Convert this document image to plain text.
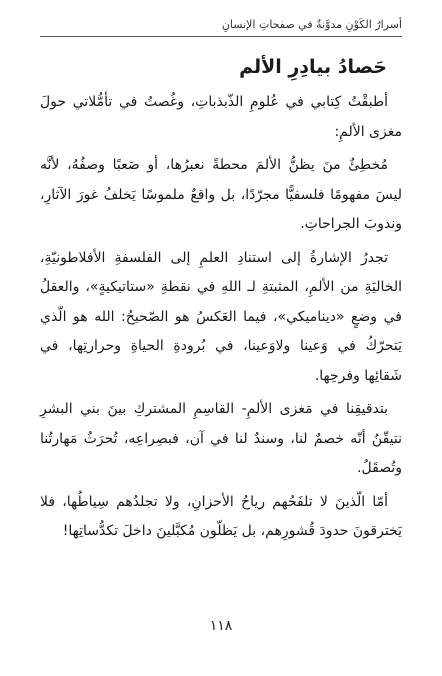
أسرارُ الكَوْنِ مدوَّنةٌ في صفحاتِ الإنسانِ
حَصادُ بيادِرِ الألم

أطبقْتُ كِتابي في عُلومِ الذّبذباتِ، وغُصتُ في تأمُّلاتي حولَ مغزى الألمِ:

مُخطِئٌ منَ يظنُّ الألمَ محطةً نعبرُها، أو صَعبًا وصفُهُ، لأنَّه ليسَ مفهومًا فلسفيًّا مجرّدًا، بل واقعٌ ملموسًا يَخلفُ غورَ الآثارِ، وندوبَ الجراحاتِ.

تجدرُ الإشارةُ إلى استنادِ العلمِ إلى الفلسفةِ الأفلاطونيّةِ، الخاليَةِ من الألمِ، المثبتةِ لـ اللهِ في نقطةِ «ستاتيكيةٍ»، والعقلُ في وضعٍ «ديناميكي»، فيما العَكسُ هو الصّحيحُ: الله هو الّذي يَتحرّكُ في وَعينا ولاوَعينا، في بُرودةِ الحياةِ وحرارتِها، في شَقائِها وفرحِها.

بتدقيقِنا في مَغزى الألمِ- القاسِمِ المشتركِ بينَ بني البشرِ نتيقّنُ أنّه خصمٌ لنا، وسندٌ لنا في آن، فبصِراعِه، تُحرَثُ مَهارتُنا وتُصقَلُ.

أمّا الّذينَ لا تلفَحُهم رياحُ الأحزانِ، ولا تجلدُهم سِياطُها، فلا يَخترقونَ حدودَ قُشورِهم، بل يَظلّون مُكبَّلينَ داخلَ تكدُّساتِها!

١١٨
